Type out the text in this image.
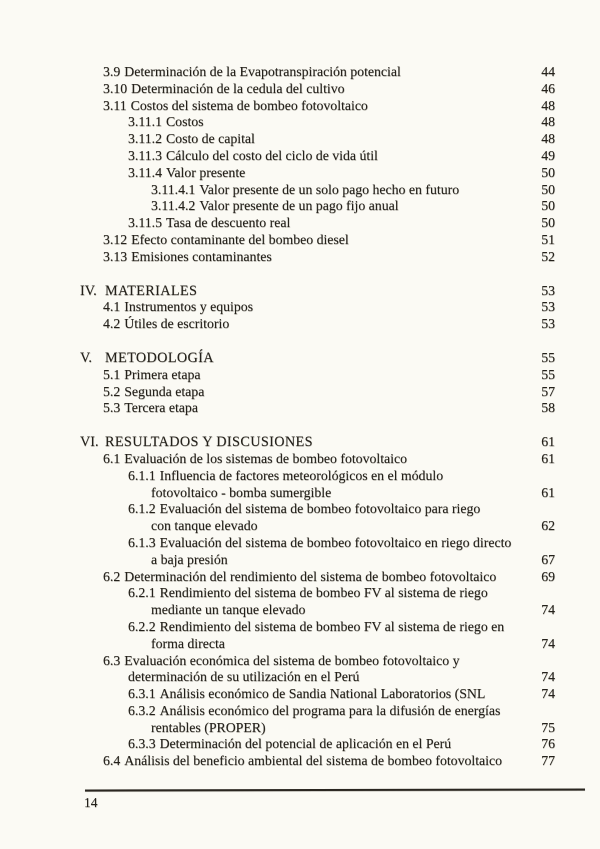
3.9 Determinación de la Evapotranspiración potencial	44
3.10 Determinación de la cedula del cultivo	46
3.11 Costos del sistema de bombeo fotovoltaico	48
3.11.1 Costos	48
3.11.2 Costo de capital	48
3.11.3 Cálculo del costo del ciclo de vida útil	49
3.11.4 Valor presente	50
3.11.4.1 Valor presente de un solo pago hecho en futuro	50
3.11.4.2 Valor presente de un pago fijo anual	50
3.11.5 Tasa de descuento real	50
3.12 Efecto contaminante del bombeo diesel	51
3.13 Emisiones contaminantes	52
IV. MATERIALES	53
4.1 Instrumentos y equipos	53
4.2 Útiles de escritorio	53
V. METODOLOGÍA	55
5.1 Primera etapa	55
5.2 Segunda etapa	57
5.3 Tercera etapa	58
VI. RESULTADOS Y DISCUSIONES	61
6.1 Evaluación de los sistemas de bombeo fotovoltaico	61
6.1.1 Influencia de factores meteorológicos en el módulo
fotovoltaico - bomba sumergible	61
6.1.2 Evaluación del sistema de bombeo fotovoltaico para riego
con tanque elevado	62
6.1.3 Evaluación del sistema de bombeo fotovoltaico en riego directo
a baja presión	67
6.2 Determinación del rendimiento del sistema de bombeo fotovoltaico	69
6.2.1 Rendimiento del sistema de bombeo FV al sistema de riego
mediante un tanque elevado	74
6.2.2 Rendimiento del sistema de bombeo FV al sistema de riego en
forma directa	74
6.3 Evaluación económica del sistema de bombeo fotovoltaico y
determinación de su utilización en el Perú	74
6.3.1 Análisis económico de Sandia National Laboratorios (SNL	74
6.3.2 Análisis económico del programa para la difusión de energías
rentables (PROPER)	75
6.3.3 Determinación del potencial de aplicación en el Perú	76
6.4 Análisis del beneficio ambiental del sistema de bombeo fotovoltaico	77
14
